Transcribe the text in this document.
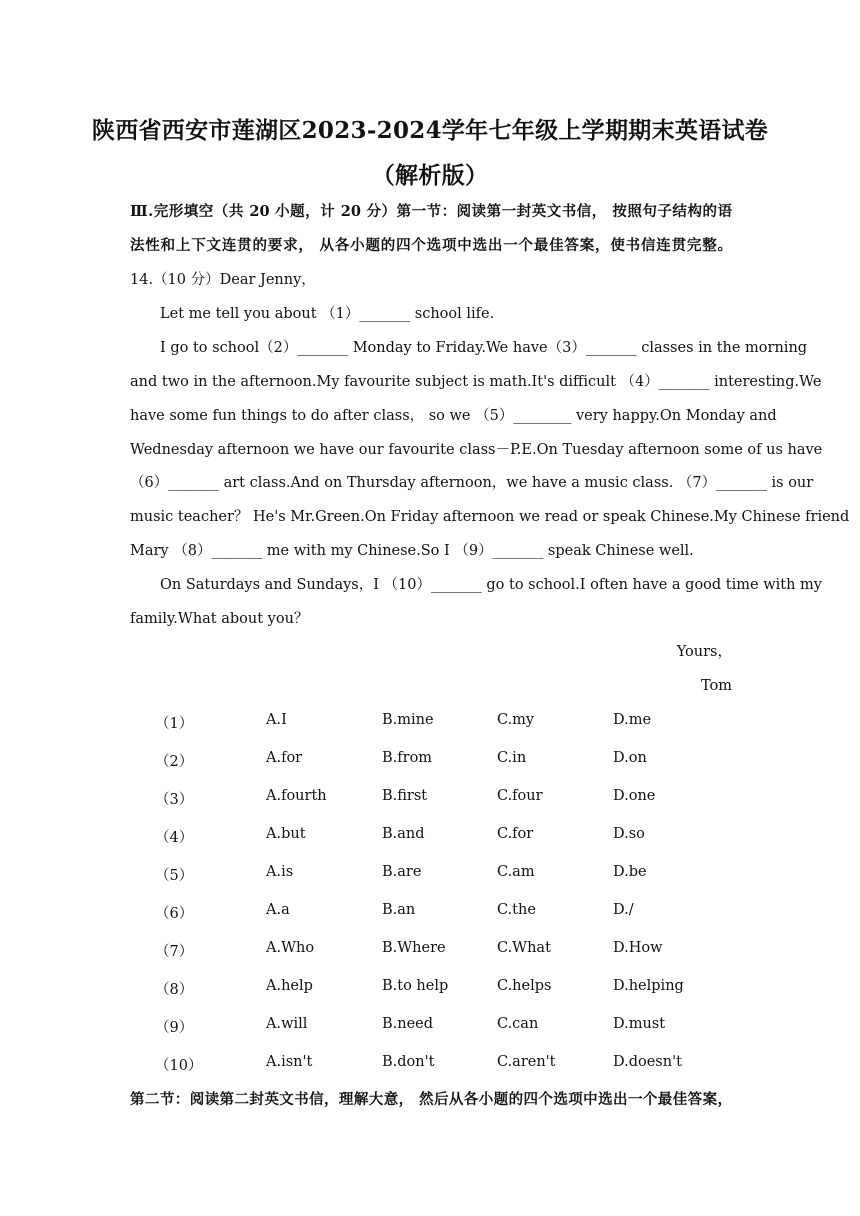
陕西省西安市莲湖区2023-2024学年七年级上学期期末英语试卷
（解析版）
Ⅲ.完形填空（共 20 小题，计 20 分）第一节：阅读第一封英文书信， 按照句子结构的语
法性和上下文连贯的要求， 从各小题的四个选项中选出一个最佳答案，使书信连贯完整。
14.（10 分）Dear Jenny，
Let me tell you about （1）_______ school life.
I go to school（2）_______ Monday to Friday.We have（3）_______ classes in the morning
and two in the afternoon.My favourite subject is math.It's difficult （4）_______ interesting.We
have some fun things to do after class， so we （5）________ very happy.On Monday and
Wednesday afternoon we have our favourite class－P.E.On Tuesday afternoon some of us have
（6）_______ art class.And on Thursday afternoon，we have a music class. （7）_______ is our
music teacher？ He's Mr.Green.On Friday afternoon we read or speak Chinese.My Chinese friend
Mary （8）_______ me with my Chinese.So I （9）_______ speak Chinese well.
On Saturdays and Sundays，I （10）_______ go to school.I often have a good time with my
family.What about you？
Yours，
Tom
（1）	A.I	B.mine	C.my	D.me
（2）	A.for	B.from	C.in	D.on
（3）	A.fourth	B.first	C.four	D.one
（4）	A.but	B.and	C.for	D.so
（5）	A.is	B.are	C.am	D.be
（6）	A.a	B.an	C.the	D./
（7）	A.Who	B.Where	C.What	D.How
（8）	A.help	B.to help	C.helps	D.helping
（9）	A.will	B.need	C.can	D.must
（10）	A.isn't	B.don't	C.aren't	D.doesn't
第二节：阅读第二封英文书信，理解大意， 然后从各小题的四个选项中选出一个最佳答案，
